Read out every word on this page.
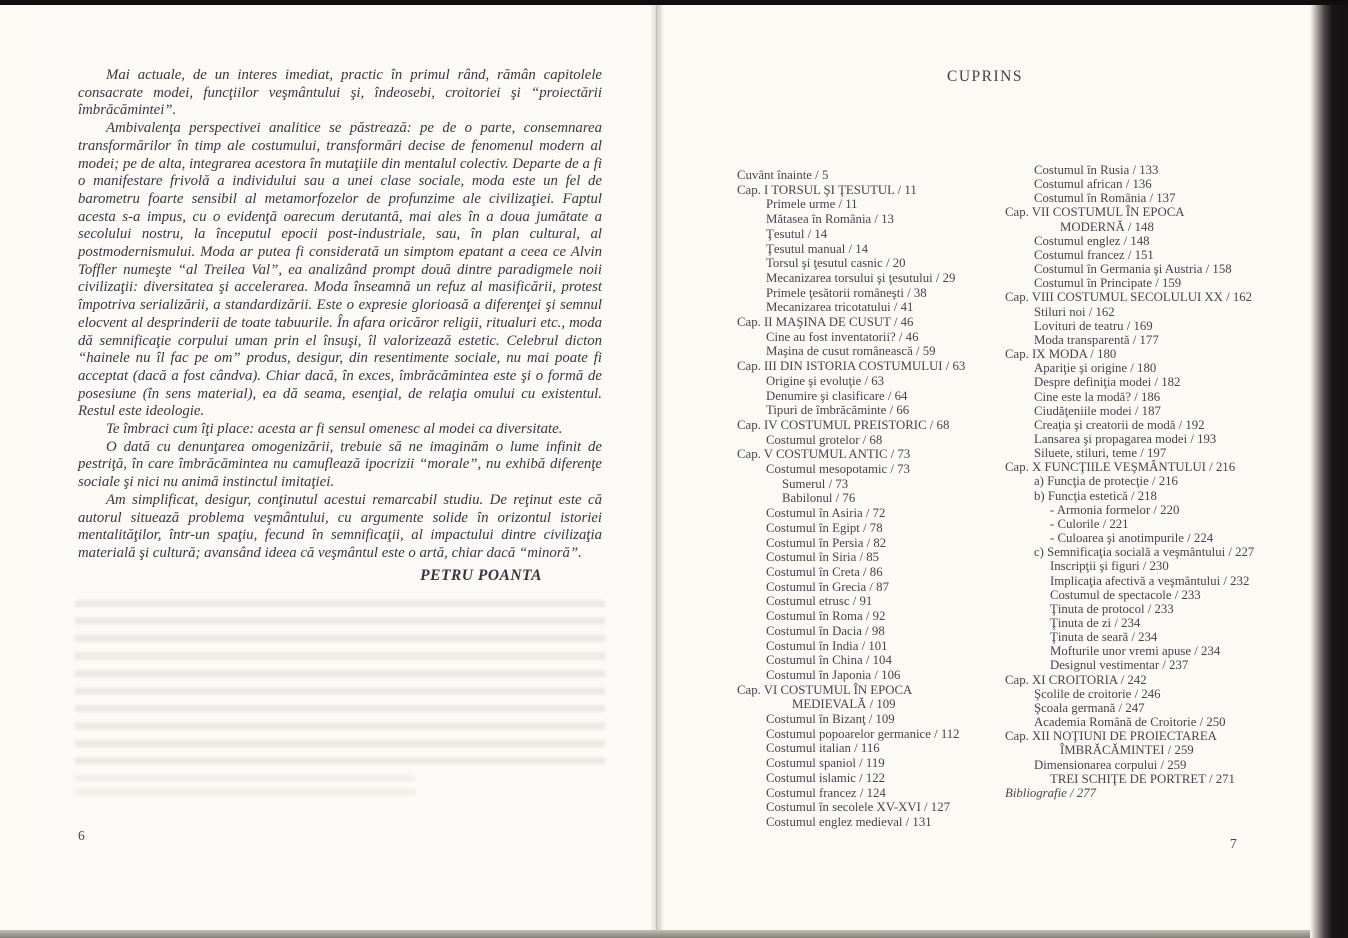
Mai actuale, de un interes imediat, practic în primul rând, rămân capitolele consacrate modei, funcţiilor veşmântului şi, îndeosebi, croitoriei şi “proiectării îmbrăcămintei”.
Ambivalenţa perspectivei analitice se păstrează: pe de o parte, consemnarea transformărilor în timp ale costumului, transformări decise de fenomenul modern al modei; pe de alta, integrarea acestora în mutaţiile din mentalul colectiv. Departe de a fi o manifestare frivolă a individului sau a unei clase sociale, moda este un fel de barometru foarte sensibil al metamorfozelor de profunzime ale civilizaţiei. Faptul acesta s-a impus, cu o evidenţă oarecum derutantă, mai ales în a doua jumătate a secolului nostru, la începutul epocii post-industriale, sau, în plan cultural, al postmodernismului. Moda ar putea fi considerată un simptom epatant a ceea ce Alvin Toffler numeşte “al Treilea Val”, ea analizând prompt două dintre paradigmele noii civilizaţii: diversitatea şi accelerarea. Moda înseamnă un refuz al masificării, protest împotriva serializării, a standardizării. Este o expresie glorioasă a diferenţei şi semnul elocvent al desprinderii de toate tabuurile. În afara oricăror religii, ritualuri etc., moda dă semnificaţie corpului uman prin el însuşi, îl valorizează estetic. Celebrul dicton “hainele nu îl fac pe om” produs, desigur, din resentimente sociale, nu mai poate fi acceptat (dacă a fost cândva). Chiar dacă, în exces, îmbrăcămintea este şi o formă de posesiune (în sens material), ea dă seama, esenţial, de relaţia omului cu existentul. Restul este ideologie.
Te îmbraci cum îţi place: acesta ar fi sensul omenesc al modei ca diversitate.
O dată cu denunţarea omogenizării, trebuie să ne imaginăm o lume infinit de pestriţă, în care îmbrăcămintea nu camuflează ipocrizii “morale”, nu exhibă diferenţe sociale şi nici nu animă instinctul imitaţiei.
Am simplificat, desigur, conţinutul acestui remarcabil studiu. De reţinut este că autorul situează problema veşmântului, cu argumente solide în orizontul istoriei mentalităţilor, într-un spaţiu, fecund în semnificaţii, al impactului dintre civilizaţia materială şi cultură; avansând ideea că veşmântul este o artă, chiar dacă “minoră”.
PETRU POANTA
CUPRINS
Cuvânt înainte / 5
Cap. I TORSUL ŞI ŢESUTUL / 11
Primele urme / 11
Mătasea în România / 13
Ţesutul / 14
Ţesutul manual / 14
Torsul şi ţesutul casnic / 20
Mecanizarea torsului şi ţesutului / 29
Primele ţesătorii româneşti / 38
Mecanizarea tricotatului / 41
Cap. II MAŞINA DE CUSUT / 46
Cine au fost inventatorii? / 46
Maşina de cusut românească / 59
Cap. III DIN ISTORIA COSTUMULUI / 63
Origine şi evoluţie / 63
Denumire şi clasificare / 64
Tipuri de îmbrăcăminte / 66
Cap. IV COSTUMUL PREISTORIC / 68
Costumul grotelor / 68
Cap. V COSTUMUL ANTIC / 73
Costumul mesopotamic / 73
Sumerul / 73
Babilonul / 76
Costumul în Asiria / 72
Costumul în Egipt / 78
Costumul în Persia / 82
Costumul în Siria / 85
Costumul în Creta / 86
Costumul în Grecia / 87
Costumul etrusc / 91
Costumul în Roma / 92
Costumul în Dacia / 98
Costumul în India / 101
Costumul în China / 104
Costumul în Japonia / 106
Cap. VI COSTUMUL ÎN EPOCA
MEDIEVALĂ / 109
Costumul în Bizanţ / 109
Costumul popoarelor germanice / 112
Costumul italian / 116
Costumul spaniol / 119
Costumul islamic / 122
Costumul francez / 124
Costumul în secolele XV-XVI / 127
Costumul englez medieval / 131
Costumul în Rusia / 133
Costumul african / 136
Costumul în România / 137
Cap. VII COSTUMUL ÎN EPOCA
MODERNĂ / 148
Costumul englez / 148
Costumul francez / 151
Costumul în Germania şi Austria / 158
Costumul în Principate / 159
Cap. VIII COSTUMUL SECOLULUI XX / 162
Stiluri noi / 162
Lovituri de teatru / 169
Moda transparentă / 177
Cap. IX MODA / 180
Apariţie şi origine / 180
Despre definiţia modei / 182
Cine este la modă? / 186
Ciudăţeniile modei / 187
Creaţia şi creatorii de modă / 192
Lansarea şi propagarea modei / 193
Siluete, stiluri, teme / 197
Cap. X FUNCŢIILE VEŞMÂNTULUI / 216
a) Funcţia de protecţie / 216
b) Funcţia estetică / 218
- Armonia formelor / 220
- Culorile / 221
- Culoarea şi anotimpurile / 224
c) Semnificaţia socială a veşmântului / 227
Inscripţii şi figuri / 230
Implicaţia afectivă a veşmântului / 232
Costumul de spectacole / 233
Ţinuta de protocol / 233
Ţinuta de zi / 234
Ţinuta de seară / 234
Mofturile unor vremi apuse / 234
Designul vestimentar / 237
Cap. XI CROITORIA / 242
Şcolile de croitorie / 246
Şcoala germană / 247
Academia Română de Croitorie / 250
Cap. XII NOŢIUNI DE PROIECTAREA
ÎMBRĂCĂMINTEI / 259
Dimensionarea corpului / 259
TREI SCHIŢE DE PORTRET / 271
Bibliografie / 277
6
7
